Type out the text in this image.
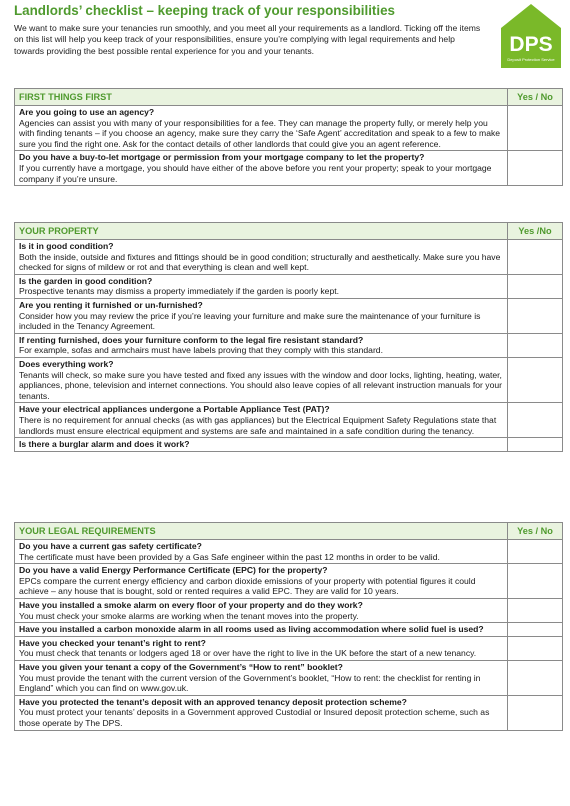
Landlords’ checklist – keeping track of your responsibilities
We want to make sure your tenancies run smoothly, and you meet all your requirements as a landlord. Ticking off the items on this list will help you keep track of your responsibilities, ensure you’re complying with legal requirements and help towards providing the best possible rental experience for you and your tenants.	DPS
Deposit Protection Service
FIRST THINGS FIRST	Yes / No

Are you going to use an agency?
Agencies can assist you with many of your responsibilities for a fee. They can manage the property fully, or merely help you with finding tenants – if you choose an agency, make sure they carry the ‘Safe Agent’ accreditation and speak to a few to make sure you find the right one. Ask for the contact details of other landlords that could give you an agent reference.	

Do you have a buy-to-let mortgage or permission from your mortgage company to let the property?
If you currently have a mortgage, you should have either of the above before you rent your property; speak to your mortgage company if you’re unsure.	

YOUR PROPERTY	Yes /No

Is it in good condition?
Both the inside, outside and fixtures and fittings should be in good condition; structurally and aesthetically. Make sure you have checked for signs of mildew or rot and that everything is clean and well kept.	

Is the garden in good condition?
Prospective tenants may dismiss a property immediately if the garden is poorly kept.	

Are you renting it furnished or un-furnished?
Consider how you may review the price if you’re leaving your furniture and make sure the maintenance of your furniture is included in the Tenancy Agreement.	

If renting furnished, does your furniture conform to the legal fire resistant standard?
For example, sofas and armchairs must have labels proving that they comply with this standard.	

Does everything work?
Tenants will check, so make sure you have tested and fixed any issues with the window and door locks, lighting, heating, water, appliances, phone, television and internet connections. You should also leave copies of all relevant instruction manuals for your tenants.	

Have your electrical appliances undergone a Portable Appliance Test (PAT)?
There is no requirement for annual checks (as with gas appliances) but the Electrical Equipment Safety Regulations state that landlords must ensure electrical equipment and systems are safe and maintained in a safe condition during the tenancy.	

Is there a burglar alarm and does it work?	

YOUR LEGAL REQUIREMENTS	Yes / No

Do you have a current gas safety certificate?
The certificate must have been provided by a Gas Safe engineer within the past 12 months in order to be valid.	

Do you have a valid Energy Performance Certificate (EPC) for the property?
EPCs compare the current energy efficiency and carbon dioxide emissions of your property with potential figures it could achieve – any house that is bought, sold or rented requires a valid EPC. They are valid for 10 years.	

Have you installed a smoke alarm on every floor of your property and do they work?
You must check your smoke alarms are working when the tenant moves into the property.	

Have you installed a carbon monoxide alarm in all rooms used as living accommodation where solid fuel is used?	

Have you checked your tenant’s right to rent?
You must check that tenants or lodgers aged 18 or over have the right to live in the UK before the start of a new tenancy.	

Have you given your tenant a copy of the Government’s “How to rent” booklet?
You must provide the tenant with the current version of the Government’s booklet, “How to rent: the checklist for renting in England” which you can find on www.gov.uk.	

Have you protected the tenant’s deposit with an approved tenancy deposit protection scheme?
You must protect your tenants’ deposits in a Government approved Custodial or Insured deposit protection scheme, such as those operate by The DPS.	
